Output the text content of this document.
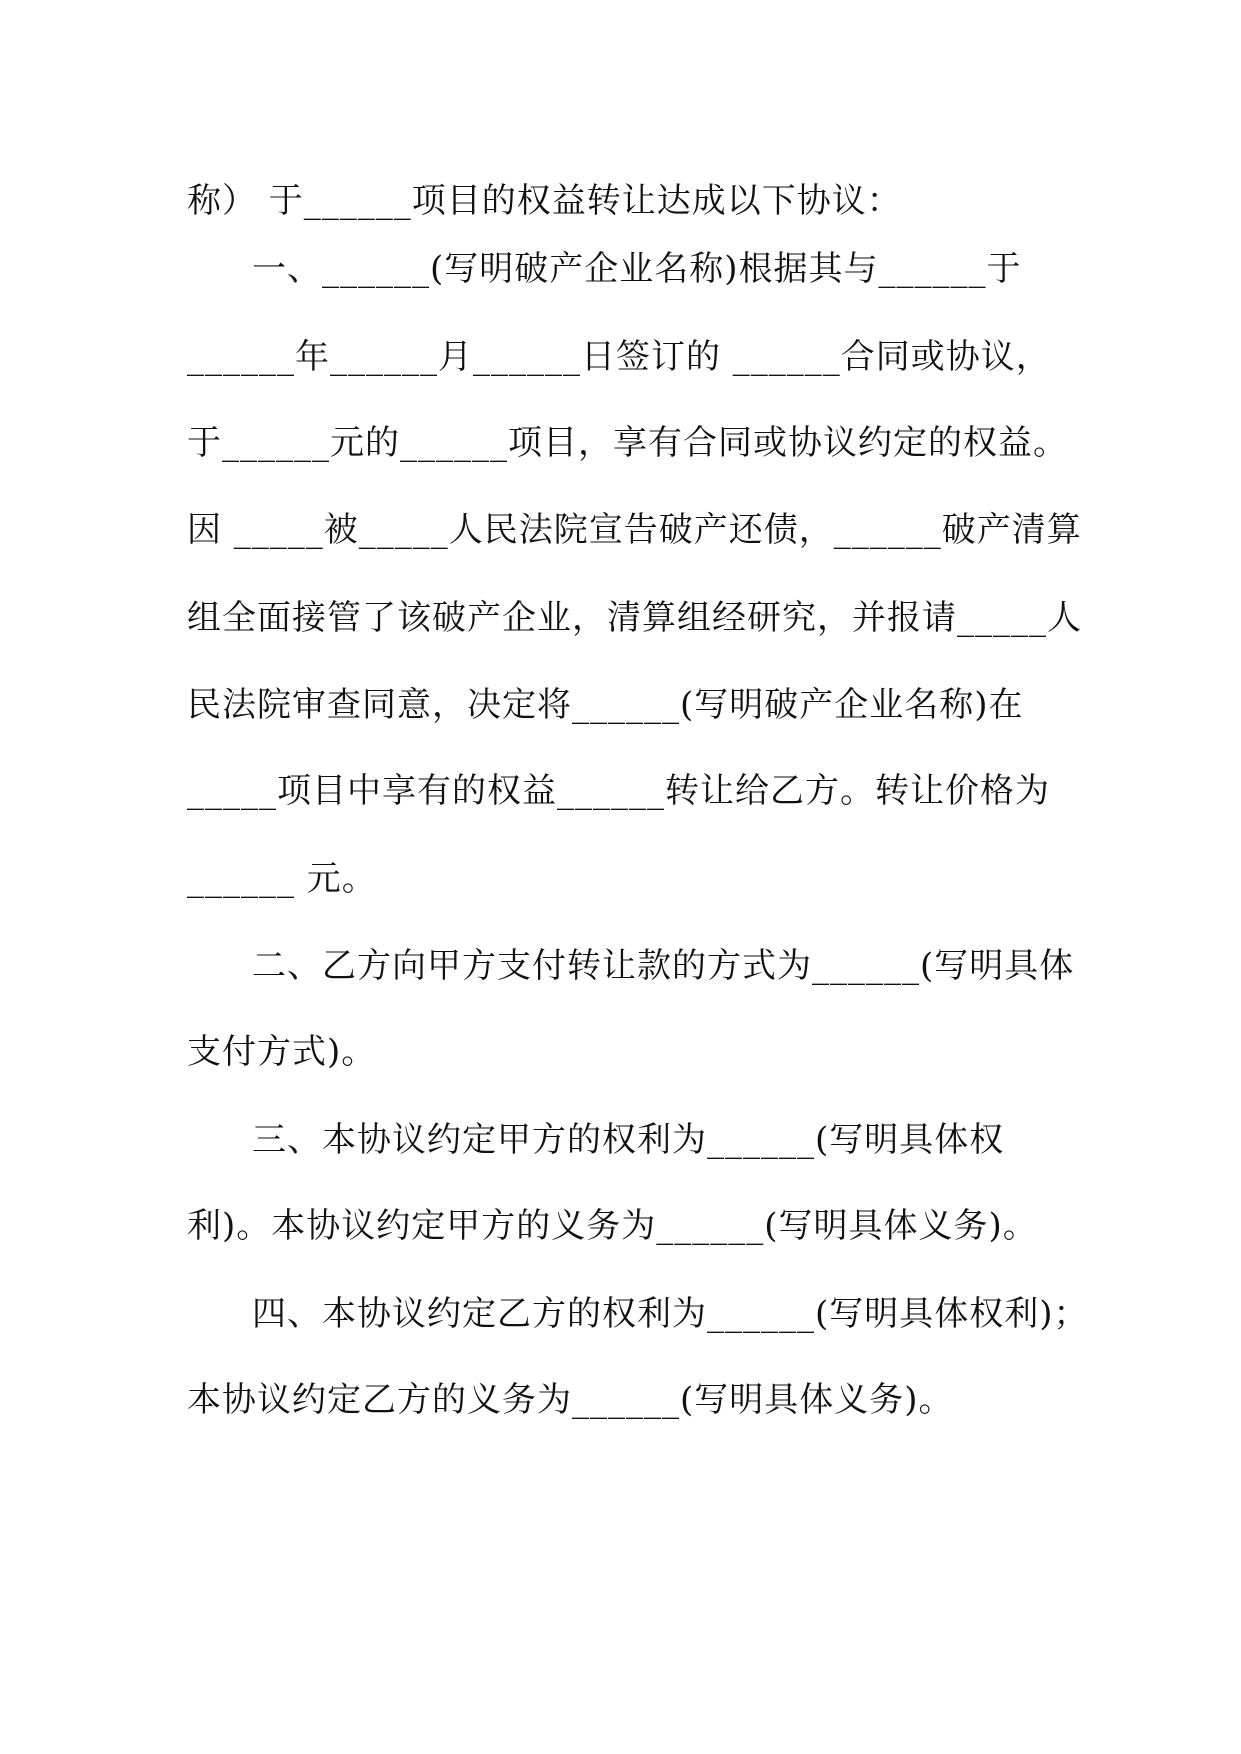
称） 于______项目的权益转让达成以下协议：
一、______(写明破产企业名称)根据其与______于
______年______月______日签订的 ______合同或协议，
于______元的______项目，享有合同或协议约定的权益。
因 _____被_____人民法院宣告破产还债，______破产清算
组全面接管了该破产企业，清算组经研究，并报请_____人
民法院审查同意，决定将______(写明破产企业名称)在
_____项目中享有的权益______转让给乙方。转让价格为
______ 元。
二、乙方向甲方支付转让款的方式为______(写明具体
支付方式)。
三、本协议约定甲方的权利为______(写明具体权
利)。本协议约定甲方的义务为______(写明具体义务)。
四、本协议约定乙方的权利为______(写明具体权利)；
本协议约定乙方的义务为______(写明具体义务)。
